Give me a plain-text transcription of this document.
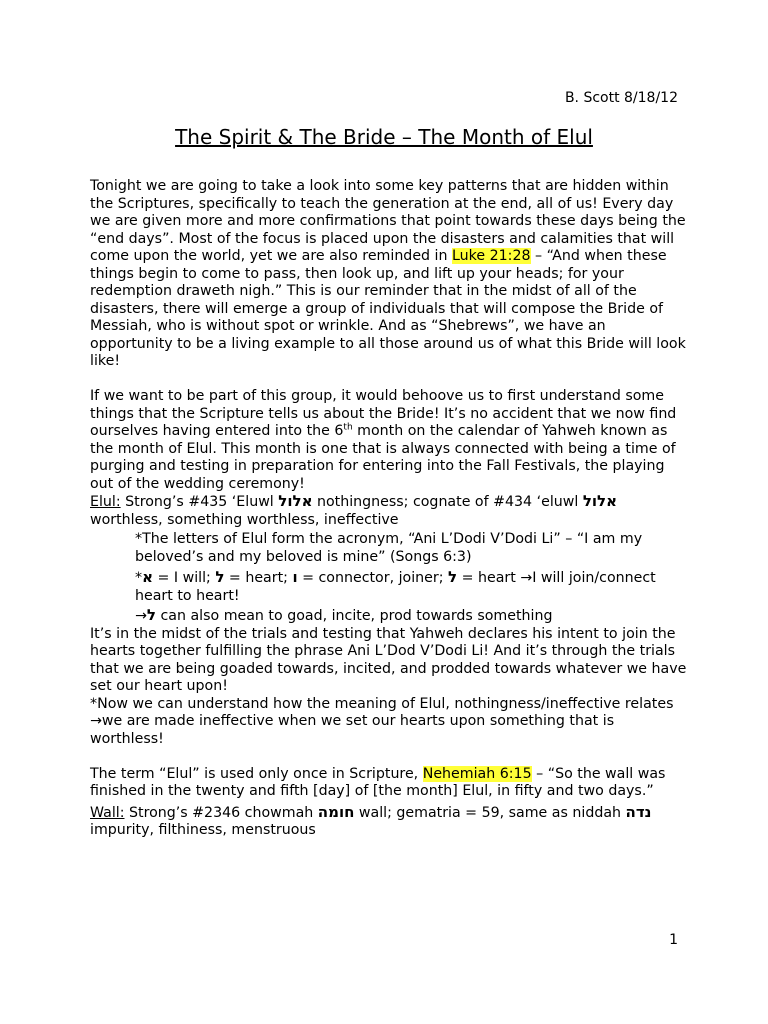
B. Scott 8/18/12
The Spirit & The Bride – The Month of Elul

Tonight we are going to take a look into some key patterns that are hidden within the Scriptures, specifically to teach the generation at the end, all of us! Every day we are given more and more confirmations that point towards these days being the “end days”. Most of the focus is placed upon the disasters and calamities that will come upon the world, yet we are also reminded in Luke 21:28 – “And when these things begin to come to pass, then look up, and lift up your heads; for your redemption draweth nigh.” This is our reminder that in the midst of all of the disasters, there will emerge a group of individuals that will compose the Bride of Messiah, who is without spot or wrinkle. And as “Shebrews”, we have an opportunity to be a living example to all those around us of what this Bride will look like!

If we want to be part of this group, it would behoove us to first understand some things that the Scripture tells us about the Bride! It’s no accident that we now find ourselves having entered into the 6th month on the calendar of Yahweh known as the month of Elul. This month is one that is always connected with being a time of purging and testing in preparation for entering into the Fall Festivals, the playing out of the wedding ceremony!

Elul: Strong’s #435 ‘Eluwl אלול nothingness; cognate of #434 ‘eluwl אלול worthless, something worthless, ineffective

*The letters of Elul form the acronym, “Ani L’Dodi V’Dodi Li” – “I am my beloved’s and my beloved is mine” (Songs 6:3)

*א = I will; ל = heart; ו = connector, joiner; ל = heart →I will join/connect heart to heart!

→ל can also mean to goad, incite, prod towards something

It’s in the midst of the trials and testing that Yahweh declares his intent to join the hearts together fulfilling the phrase Ani L’Dod V’Dodi Li! And it’s through the trials that we are being goaded towards, incited, and prodded towards whatever we have set our heart upon!

*Now we can understand how the meaning of Elul, nothingness/ineffective relates →we are made ineffective when we set our hearts upon something that is worthless!

The term “Elul” is used only once in Scripture, Nehemiah 6:15 – “So the wall was finished in the twenty and fifth [day] of [the month] Elul, in fifty and two days.”

Wall: Strong’s #2346 chowmah חומה wall; gematria = 59, same as niddah נדה impurity, filthiness, menstruous

1
